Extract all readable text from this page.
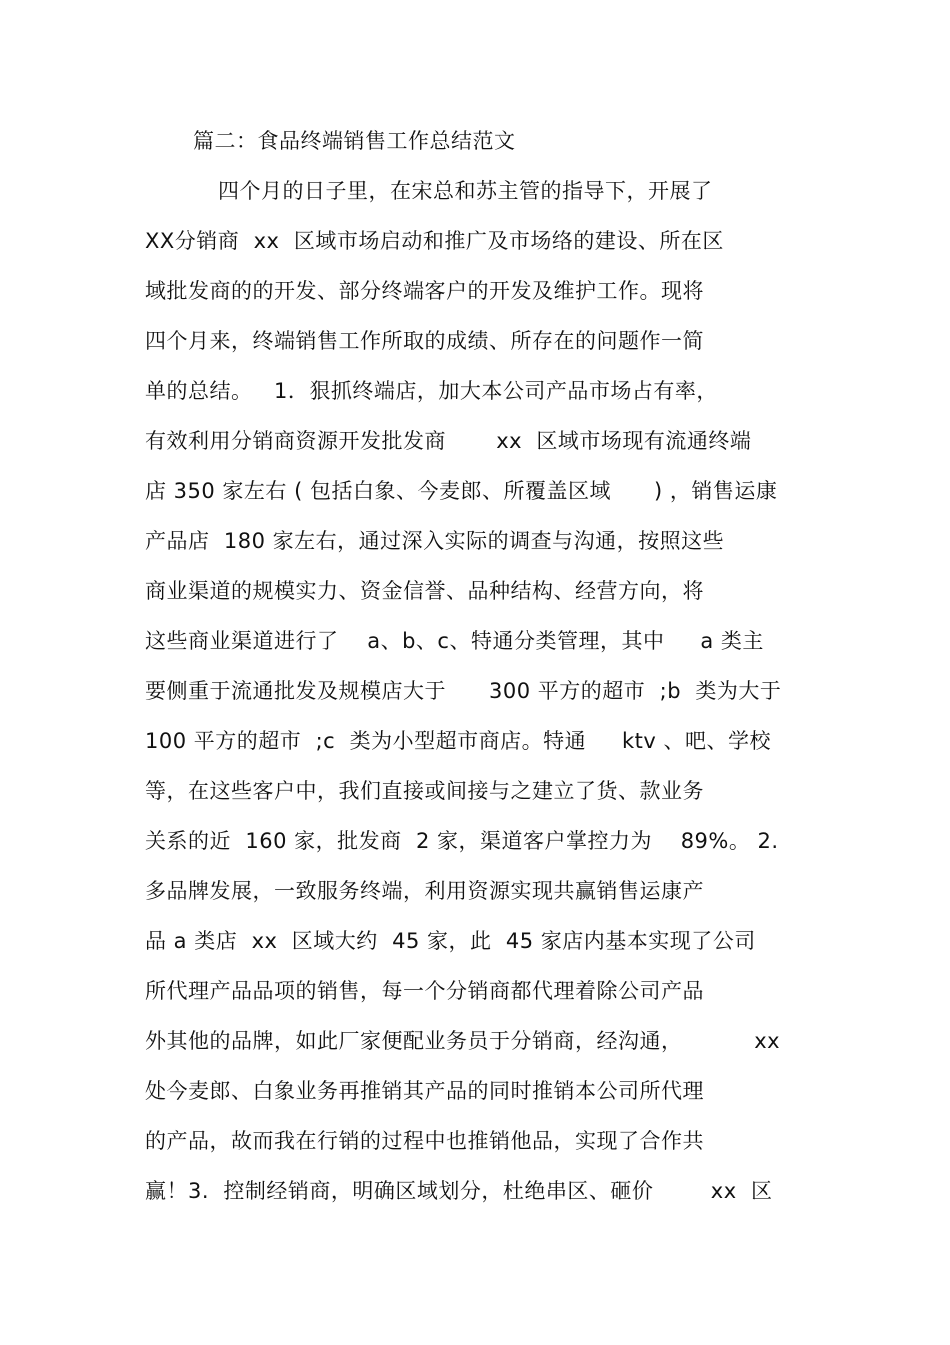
篇二：食品终端销售工作总结范文
四个月的日子里，在宋总和苏主管的指导下，开展了
XX分销商  xx  区域市场启动和推广及市场络的建设、所在区
域批发商的的开发、部分终端客户的开发及维护工作。现将
四个月来，终端销售工作所取的成绩、所存在的问题作一简
单的总结。   1．狠抓终端店，加大本公司产品市场占有率，
有效利用分销商资源开发批发商       xx  区域市场现有流通终端
店 350 家左右 ( 包括白象、今麦郎、所覆盖区域      ) ，销售运康
产品店  180 家左右，通过深入实际的调查与沟通，按照这些
商业渠道的规模实力、资金信誉、品种结构、经营方向，将
这些商业渠道进行了    a、b、c、特通分类管理，其中     a 类主
要侧重于流通批发及规模店大于      300 平方的超市  ;b  类为大于
100 平方的超市  ;c  类为小型超市商店。特通     ktv 、吧、学校
等，在这些客户中，我们直接或间接与之建立了货、款业务
关系的近  160 家，批发商  2 家，渠道客户掌控力为    89%。 2.
多品牌发展，一致服务终端，利用资源实现共赢销售运康产
品 a 类店  xx  区域大约  45 家，此  45 家店内基本实现了公司
所代理产品品项的销售，每一个分销商都代理着除公司产品
外其他的品牌，如此厂家便配业务员于分销商，经沟通，          xx
处今麦郎、白象业务再推销其产品的同时推销本公司所代理
的产品，故而我在行销的过程中也推销他品，实现了合作共
赢！3.  控制经销商，明确区域划分，杜绝串区、砸价        xx  区
